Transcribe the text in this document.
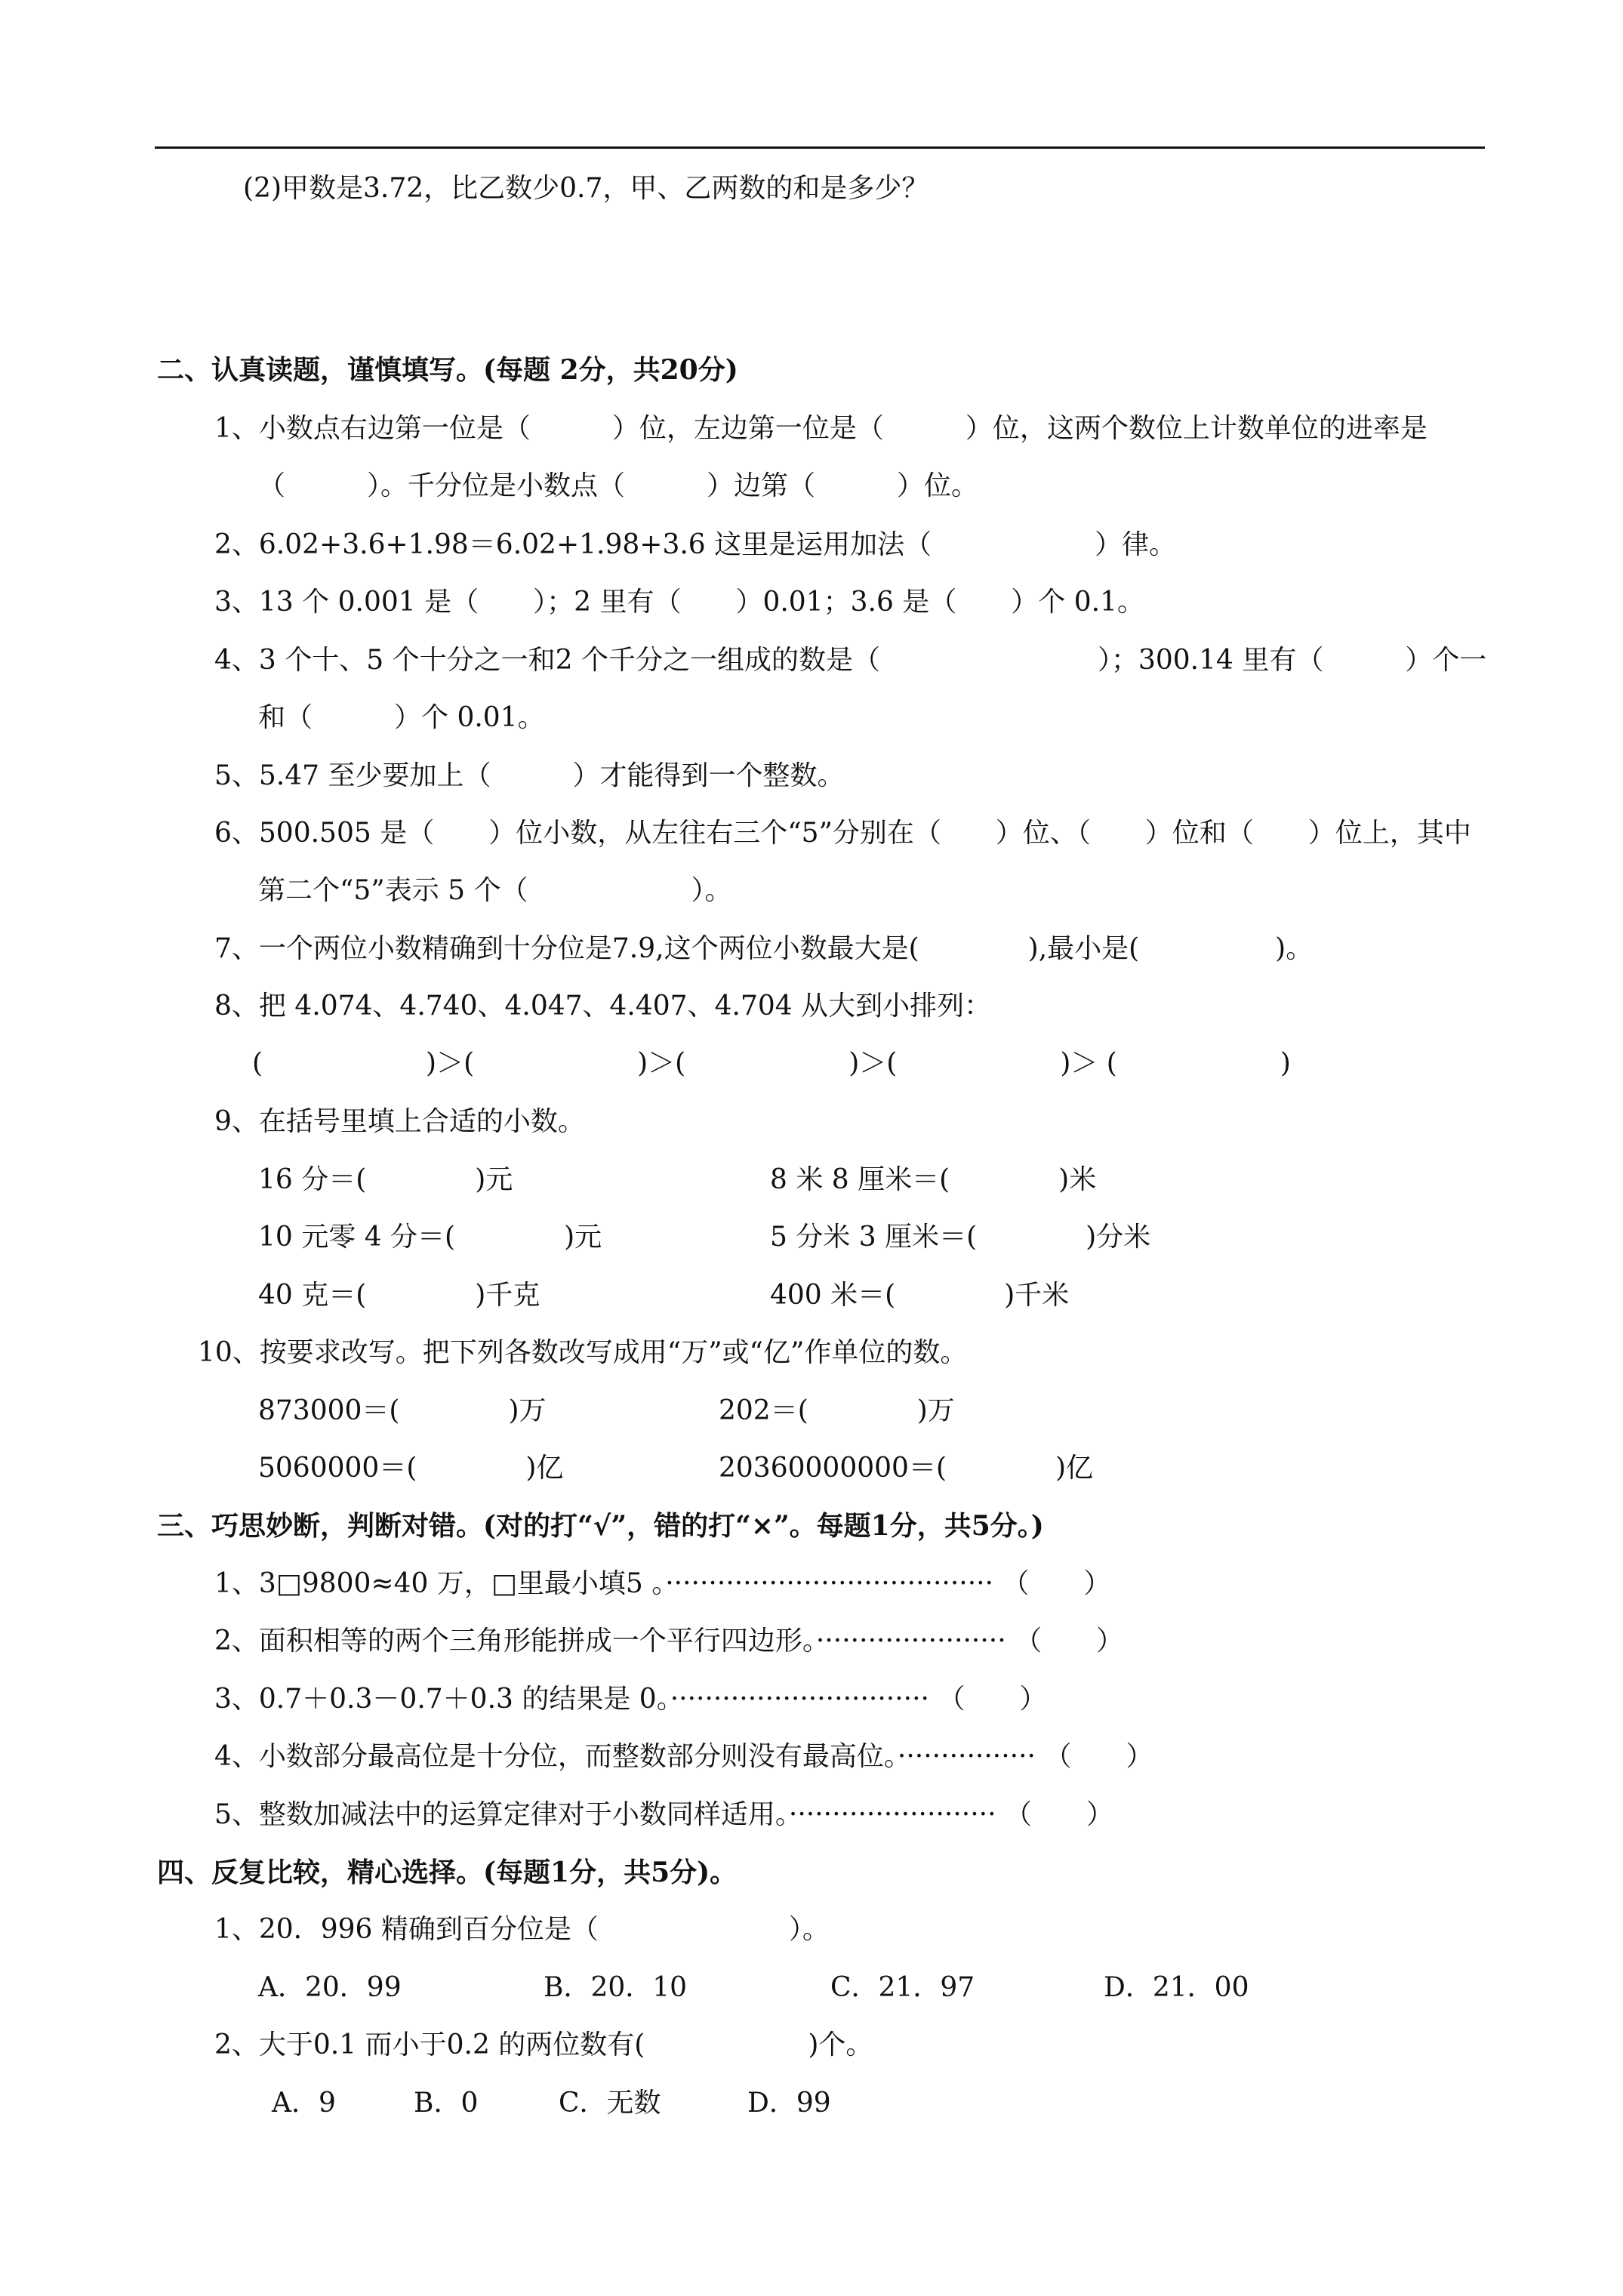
(2)甲数是3.72，比乙数少0.7，甲、乙两数的和是多少？
二、认真读题，谨慎填写。(每题 2分，共20分)
1、小数点右边第一位是（　　　）位，左边第一位是（　　　）位，这两个数位上计数单位的进率是
（　　　）。千分位是小数点（　　　）边第（　　　）位。
2、6.02+3.6+1.98＝6.02+1.98+3.6 这里是运用加法（　　　　　　）律。
3、13 个 0.001 是（　　）；2 里有（　　）0.01；3.6 是（　　）个 0.1。
4、3 个十、5 个十分之一和2 个千分之一组成的数是（　　　　　　　　）；300.14 里有（　　　）个一
和（　　　）个 0.01。
5、5.47 至少要加上（　　　）才能得到一个整数。
6、500.505 是（　　）位小数，从左往右三个“5”分别在（　　）位、（　　）位和（　　）位上，其中
第二个“5”表示 5 个（　　　　　　）。
7、一个两位小数精确到十分位是7.9,这个两位小数最大是(　　　　),最小是(　　　　　)。
8、把 4.074、4.740、4.047、4.407、4.704 从大到小排列：
(　　　　　　)＞(　　　　　　)＞(　　　　　　)＞(　　　　　　)＞ (　　　　　　)
9、在括号里填上合适的小数。
16 分＝(　　　　)元	8 米 8 厘米＝(　　　　)米
10 元零 4 分＝(　　　　)元	5 分米 3 厘米＝(　　　　)分米
40 克＝(　　　　)千克	400 米＝(　　　　)千米
10、按要求改写。把下列各数改写成用“万”或“亿”作单位的数。
873000＝(　　　　)万	202＝(　　　　)万
5060000＝(　　　　)亿	20360000000＝(　　　　)亿
三、巧思妙断，判断对错。(对的打“√”，错的打“×”。每题1分，共5分。)
1、3□9800≈40 万，□里最小填5 。······································ （　　）
2、面积相等的两个三角形能拼成一个平行四边形。······················ （　　）
3、0.7＋0.3－0.7＋0.3 的结果是 0。······························ （　　）
4、小数部分最高位是十分位，而整数部分则没有最高位。················ （　　）
5、整数加减法中的运算定律对于小数同样适用。························ （　　）
四、反复比较，精心选择。(每题1分，共5分)。
1、20．996 精确到百分位是（　　　　　　　）。
A．20．99	B．20．10	C．21．97	D．21．00
2、大于0.1 而小于0.2 的两位数有(　　　　　　)个。
A．9	B．0	C．无数	D．99
